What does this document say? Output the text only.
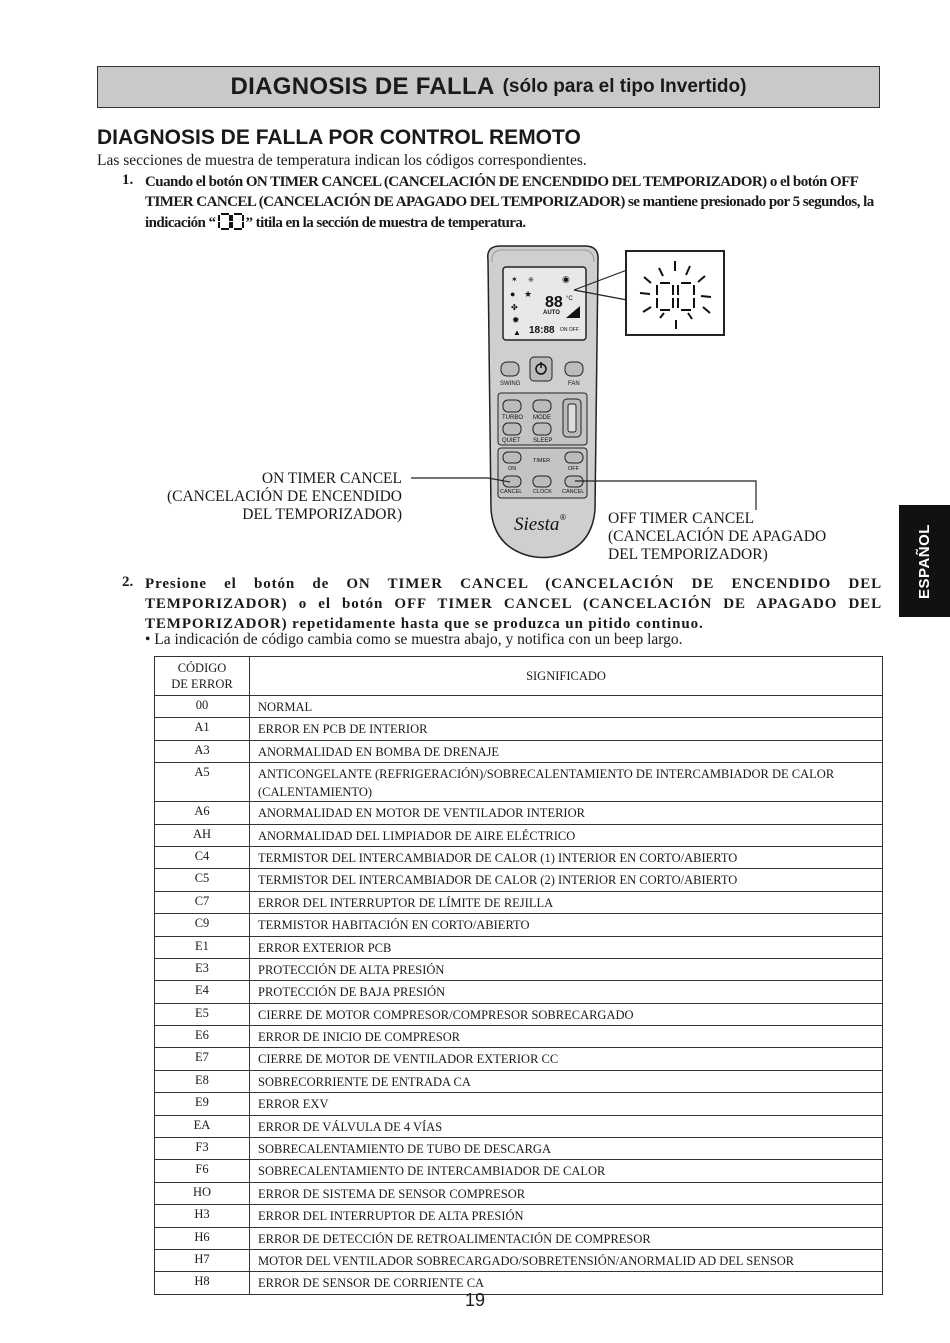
DIAGNOSIS DE FALLA (sólo para el tipo Invertido)
DIAGNOSIS DE FALLA POR CONTROL REMOTO
Las secciones de muestra de temperatura indican los códigos correspondientes.
1. Cuando el botón ON TIMER CANCEL (CANCELACIÓN DE ENCENDIDO DEL TEMPORIZADOR) o el botón OFF TIMER CANCEL (CANCELACIÓN DE APAGADO DEL TEMPORIZADOR) se mantiene presionado por 5 segundos, la indicación “ ” titila en la sección de muestra de temperatura.
✶ ※
● ★
✤
✹
▲
◉
88 °C
AUTO
18:88 ON OFF
SWING	FAN
TURBO MODE
QUIET SLEEP
TIMER
ON	OFF
CANCEL CLOCK CANCEL
Siesta ®
ON TIMER CANCEL
(CANCELACIÓN DE ENCENDIDO
DEL TEMPORIZADOR)	OFF TIMER CANCEL
(CANCELACIÓN DE APAGADO
DEL TEMPORIZADOR)
2. Presione el botón de ON TIMER CANCEL (CANCELACIÓN DE ENCENDIDO DEL TEMPORIZADOR) o el botón OFF TIMER CANCEL (CANCELACIÓN DE APAGADO DEL TEMPORIZADOR) repetidamente hasta que se produzca un pitido continuo.
• La indicación de código cambia como se muestra abajo, y notifica con un beep largo.
CÓDIGO
DE ERROR	SIGNIFICADO
00	NORMAL
A1	ERROR EN PCB DE INTERIOR
A3	ANORMALIDAD EN BOMBA DE DRENAJE
A5	ANTICONGELANTE (REFRIGERACIÓN)/SOBRECALENTAMIENTO DE INTERCAMBIADOR DE CALOR (CALENTAMIENTO)
A6	ANORMALIDAD EN MOTOR DE VENTILADOR INTERIOR
AH	ANORMALIDAD DEL LIMPIADOR DE AIRE ELÉCTRICO
C4	TERMISTOR DEL INTERCAMBIADOR DE CALOR (1) INTERIOR EN CORTO/ABIERTO
C5	TERMISTOR DEL INTERCAMBIADOR DE CALOR (2) INTERIOR EN CORTO/ABIERTO
C7	ERROR DEL INTERRUPTOR DE LÍMITE DE REJILLA
C9	TERMISTOR HABITACIÓN EN CORTO/ABIERTO
E1	ERROR EXTERIOR PCB
E3	PROTECCIÓN DE ALTA PRESIÓN
E4	PROTECCIÓN DE BAJA PRESIÓN
E5	CIERRE DE MOTOR COMPRESOR/COMPRESOR SOBRECARGADO
E6	ERROR DE INICIO DE COMPRESOR
E7	CIERRE DE MOTOR DE VENTILADOR EXTERIOR CC
E8	SOBRECORRIENTE DE ENTRADA CA
E9	ERROR EXV
EA	ERROR DE VÁLVULA DE 4 VÍAS
F3	SOBRECALENTAMIENTO DE TUBO DE DESCARGA
F6	SOBRECALENTAMIENTO DE INTERCAMBIADOR DE CALOR
HO	ERROR DE SISTEMA DE SENSOR COMPRESOR
H3	ERROR DEL INTERRUPTOR DE ALTA PRESIÓN
H6	ERROR DE DETECCIÓN DE RETROALIMENTACIÓN DE COMPRESOR
H7	MOTOR DEL VENTILADOR SOBRECARGADO/SOBRETENSIÓN/ANORMALID AD DEL SENSOR
H8	ERROR DE SENSOR DE CORRIENTE CA
ESPAÑOL
19
